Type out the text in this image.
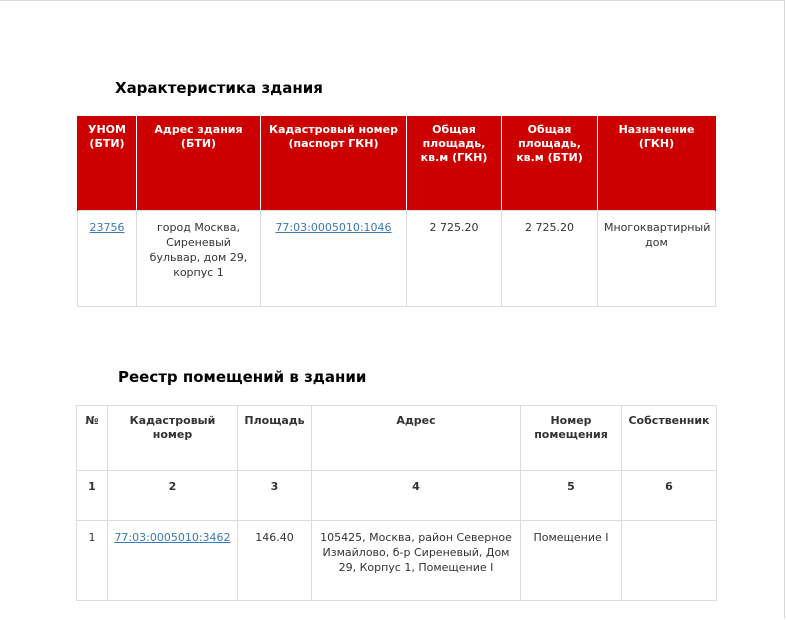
Характеристика здания
УНОМ (БТИ)	Адрес здания (БТИ)	Кадастровый номер (паспорт ГКН)	Общая площадь, кв.м (ГКН)	Общая площадь, кв.м (БТИ)	Назначение (ГКН)
23756	город Москва, Сиреневый бульвар, дом 29, корпус 1	77:03:0005010:1046	2 725.20	2 725.20	Многоквартирный дом
Реестр помещений в здании
№	Кадастровый номер	Площадь	Адрес	Номер помещения	Собственник
1	2	3	4	5	6
1	77:03:0005010:3462	146.40	105425, Москва, район Северное Измайлово, б-р Сиреневый, Дом 29, Корпус 1, Помещение I	Помещение I	
